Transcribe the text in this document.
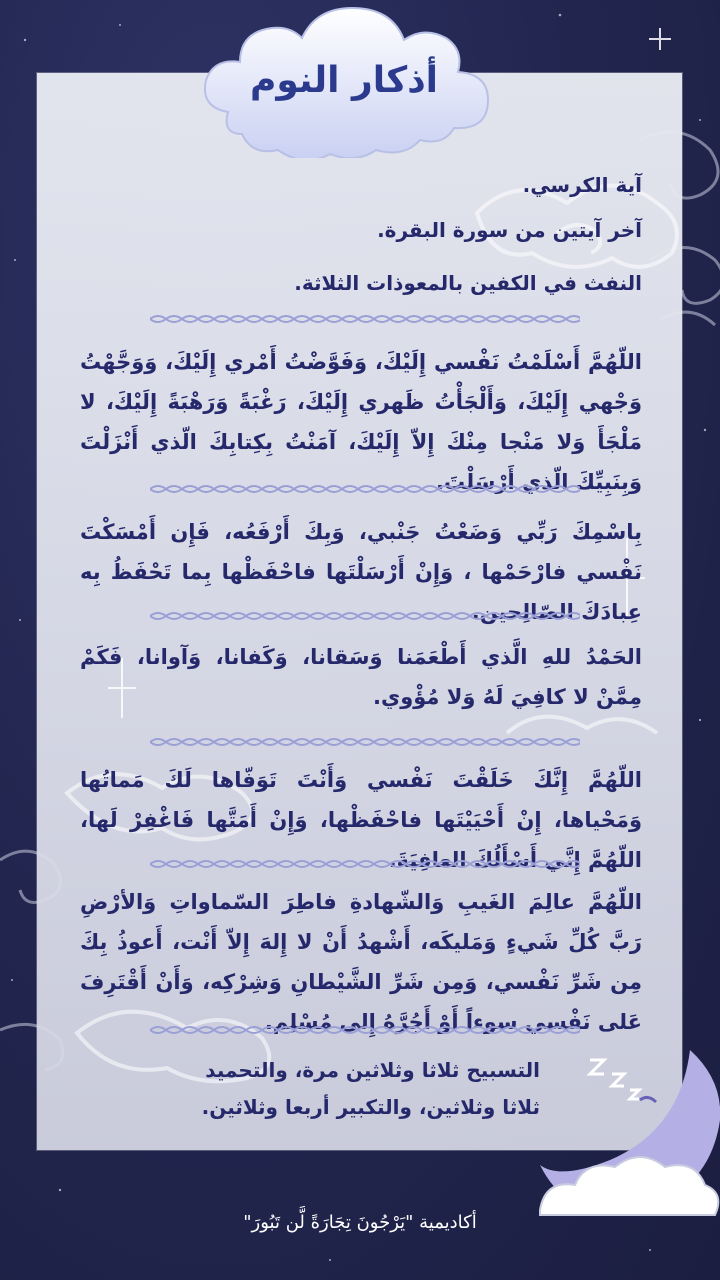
أذكار النوم
آية الكرسي.
آخر آيتين من سورة البقرة.
النفث في الكفين بالمعوذات الثلاثة.
اللّهُمَّ أَسْلَمْتُ نَفْسي إِلَيْكَ، وَفَوَّضْتُ أَمْري إِلَيْكَ، وَوَجَّهْتُ وَجْهي إِلَيْكَ، وَأَلْجَأْتُ ظَهري إِلَيْكَ، رَغْبَةً وَرَهْبَةً إِلَيْكَ، لا مَلْجَأَ وَلا مَنْجا مِنْكَ إِلاّ إِلَيْكَ، آمَنْتُ بِكِتابِكَ الّذي أَنْزَلْتَ وَبِنَبِيِّكَ الّذي أَرْسَلْتَ.
بِاسْمِكَ رَبِّي وَضَعْتُ جَنْبي، وَبِكَ أَرْفَعُه، فَإِن أَمْسَكْتَ نَفْسي فارْحَمْها ، وَإِنْ أَرْسَلْتَها فاحْفَظْها بِما تَحْفَظُ بِه عِبادَكَ الصّالِحين.
الحَمْدُ للهِ الَّذي أَطْعَمَنا وَسَقانا، وَكَفانا، وَآوانا، فَكَمْ مِمَّنْ لا كافِيَ لَهُ وَلا مُؤْوي.
اللّهُمَّ إِنَّكَ خَلَقْتَ نَفْسي وَأَنْتَ تَوَفّاها لَكَ مَماتُها وَمَحْياها، إِنْ أَحْيَيْتَها فاحْفَظْها، وَإِنْ أَمَتَّها فَاغْفِرْ لَها، اللّهُمَّ إِنَّي أَسْأَلُكَ العافِيَةَ.
اللّهُمَّ عالِمَ الغَيبِ وَالشّهادةِ فاطِرَ السّماواتِ وَالأرْضِ رَبَّ كُلِّ شَيءٍ وَمَليكَه، أَشْهدُ أَنْ لا إِلهَ إِلاّ أَنْت، أَعوذُ بِكَ مِن شَرِّ نَفْسي، وَمِن شَرِّ الشَّيْطانِ وَشِرْكِه، وَأَنْ أَقْتَرِفَ عَلى نَفْسي سوءاً أَوْ أَجُرَّهُ إِلى مُسْلِم.
التسبيح ثلاثا وثلاثين مرة، والتحميد
ثلاثا وثلاثين، والتكبير أربعا وثلاثين.
أكاديمية "يَرْجُونَ تِجَارَةً لَّن تَبُورَ"
